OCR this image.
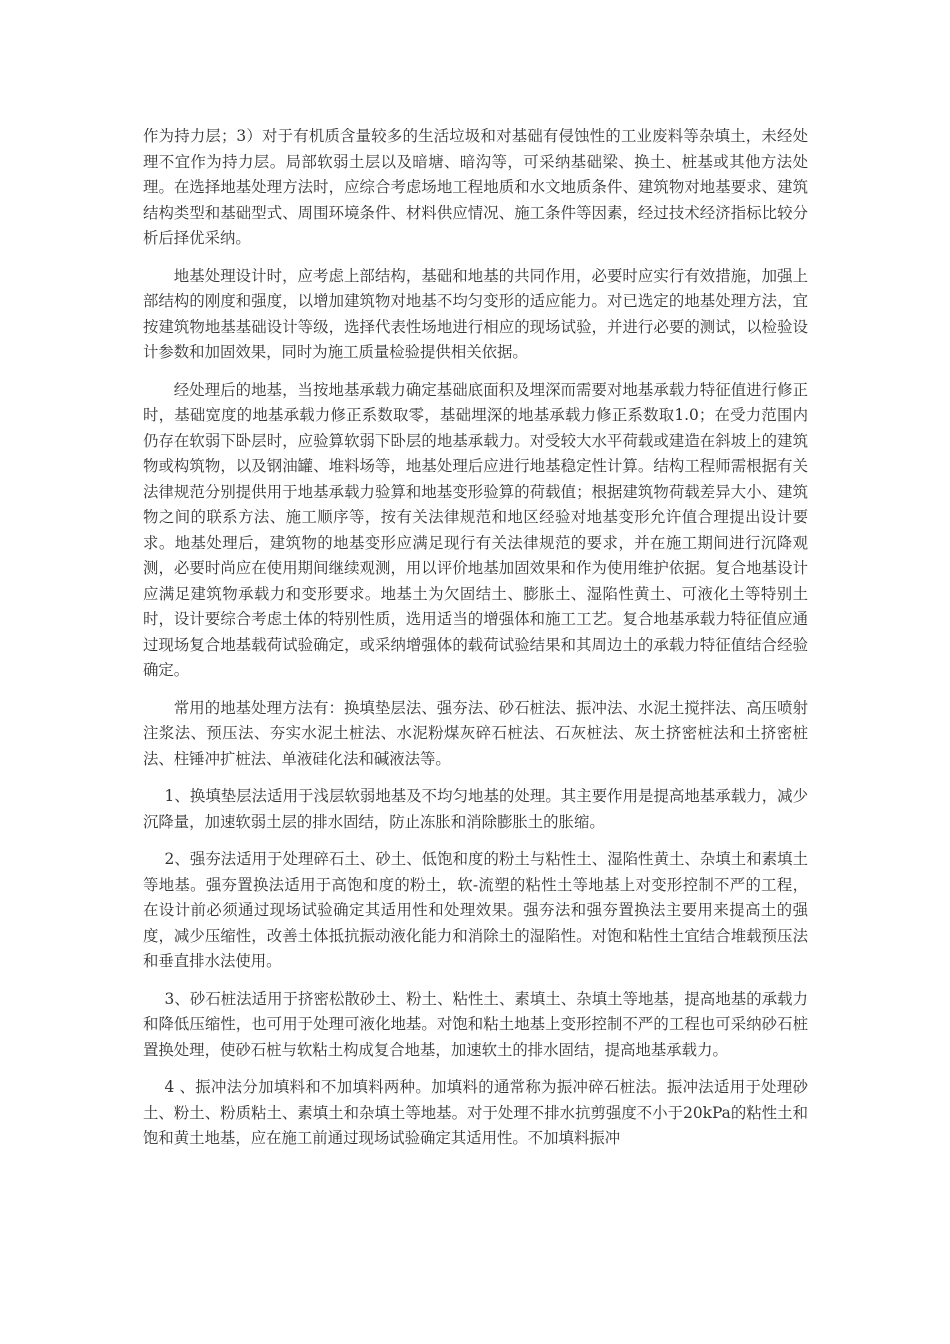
作为持力层；3）对于有机质含量较多的生活垃圾和对基础有侵蚀性的工业废料等杂填土，未经处理不宜作为持力层。局部软弱土层以及暗塘、暗沟等，可采纳基础梁、换土、桩基或其他方法处理。在选择地基处理方法时，应综合考虑场地工程地质和水文地质条件、建筑物对地基要求、建筑结构类型和基础型式、周围环境条件、材料供应情况、施工条件等因素，经过技术经济指标比较分析后择优采纳。

地基处理设计时，应考虑上部结构，基础和地基的共同作用，必要时应实行有效措施，加强上部结构的刚度和强度，以增加建筑物对地基不均匀变形的适应能力。对已选定的地基处理方法，宜按建筑物地基基础设计等级，选择代表性场地进行相应的现场试验，并进行必要的测试，以检验设计参数和加固效果，同时为施工质量检验提供相关依据。

经处理后的地基，当按地基承载力确定基础底面积及埋深而需要对地基承载力特征值进行修正时，基础宽度的地基承载力修正系数取零，基础埋深的地基承载力修正系数取1.0；在受力范围内仍存在软弱下卧层时，应验算软弱下卧层的地基承载力。对受较大水平荷载或建造在斜坡上的建筑物或构筑物，以及钢油罐、堆料场等，地基处理后应进行地基稳定性计算。结构工程师需根据有关法律规范分别提供用于地基承载力验算和地基变形验算的荷载值；根据建筑物荷载差异大小、建筑物之间的联系方法、施工顺序等，按有关法律规范和地区经验对地基变形允许值合理提出设计要求。地基处理后，建筑物的地基变形应满足现行有关法律规范的要求，并在施工期间进行沉降观测，必要时尚应在使用期间继续观测，用以评价地基加固效果和作为使用维护依据。复合地基设计应满足建筑物承载力和变形要求。地基土为欠固结土、膨胀土、湿陷性黄土、可液化土等特别土时，设计要综合考虑土体的特别性质，选用适当的增强体和施工工艺。复合地基承载力特征值应通过现场复合地基载荷试验确定，或采纳增强体的载荷试验结果和其周边土的承载力特征值结合经验确定。

常用的地基处理方法有：换填垫层法、强夯法、砂石桩法、振冲法、水泥土搅拌法、高压喷射注浆法、预压法、夯实水泥土桩法、水泥粉煤灰碎石桩法、石灰桩法、灰土挤密桩法和土挤密桩法、柱锤冲扩桩法、单液硅化法和碱液法等。

1、换填垫层法适用于浅层软弱地基及不均匀地基的处理。其主要作用是提高地基承载力，减少沉降量，加速软弱土层的排水固结，防止冻胀和消除膨胀土的胀缩。

2、强夯法适用于处理碎石土、砂土、低饱和度的粉土与粘性土、湿陷性黄土、杂填土和素填土等地基。强夯置换法适用于高饱和度的粉土，软-流塑的粘性土等地基上对变形控制不严的工程，在设计前必须通过现场试验确定其适用性和处理效果。强夯法和强夯置换法主要用来提高土的强度，减少压缩性，改善土体抵抗振动液化能力和消除土的湿陷性。对饱和粘性土宜结合堆载预压法和垂直排水法使用。

3、砂石桩法适用于挤密松散砂土、粉土、粘性土、素填土、杂填土等地基，提高地基的承载力和降低压缩性，也可用于处理可液化地基。对饱和粘土地基上变形控制不严的工程也可采纳砂石桩置换处理，使砂石桩与软粘土构成复合地基，加速软土的排水固结，提高地基承载力。

4 、振冲法分加填料和不加填料两种。加填料的通常称为振冲碎石桩法。振冲法适用于处理砂土、粉土、粉质粘土、素填土和杂填土等地基。对于处理不排水抗剪强度不小于20kPa的粘性土和饱和黄土地基，应在施工前通过现场试验确定其适用性。不加填料振冲
